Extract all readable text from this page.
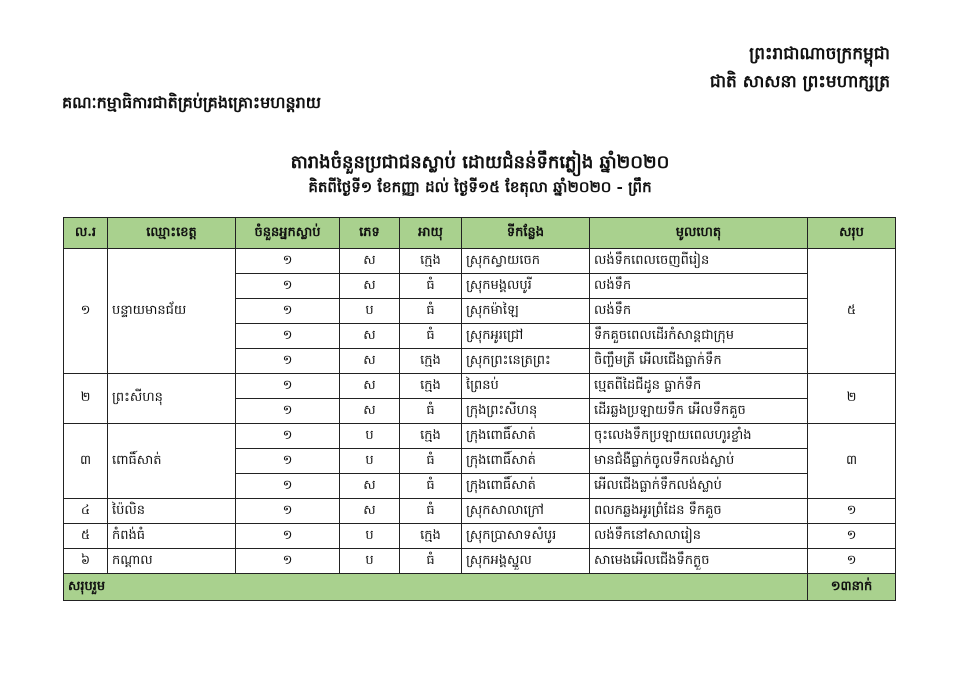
ព្រះរាជាណាចក្រកម្ពុជា
ជាតិ សាសនា ព្រះមហាក្សត្រ
គណៈកម្មាធិការជាតិគ្រប់គ្រងគ្រោះមហន្តរាយ
តារាងចំនួនប្រជាជនស្លាប់ ដោយជំនន់ទឹកភ្លៀង ឆ្នាំ២០២០
គិតពីថ្ងៃទី១ ខែកញ្ញា ដល់ ថ្ងៃទី១៥ ខែតុលា ឆ្នាំ២០២០ - ព្រឹក
ល.រ	ឈ្មោះខេត្ត	ចំនួនអ្នកស្លាប់	ភេទ	អាយុ	ទីកន្លែង	មូលហេតុ	សរុប
១	បន្ទាយមានជ័យ	១	ស	ក្មេង	ស្រុកស្វាយចេក	លង់ទឹកពេលចេញពីរៀន	៥
		១	ស	ធំ	ស្រុកមង្គលបូរី	លង់ទឹក	
		១	ប	ធំ	ស្រុកម៉ាឡៃ	លង់ទឹក	
		១	ស	ធំ	ស្រុកអូរជ្រៅ	ទឹកគួចពេលដើរកំសាន្តជាក្រុម	
		១	ស	ក្មេង	ស្រុកព្រះនេត្រព្រះ	ចិញ្ចឹមត្រី អើលជើងធ្លាក់ទឹក	
២	ព្រះសីហនុ	១	ស	ក្មេង	ព្រៃនប់	បេ្មតពីដៃជីដូន ធ្លាក់ទឹក	២
		១	ស	ធំ	ក្រុងព្រះសីហនុ	ដើរឆ្លងប្រឡាយទឹក អើលទឹកគួច	
៣	ពោធិ៍សាត់	១	ប	ក្មេង	ក្រុងពោធិ៍សាត់	ចុះលេងទឹកប្រឡាយពេលហូរខ្លាំង	៣
		១	ប	ធំ	ក្រុងពោធិ៍សាត់	មានជំងឺធ្លាក់ចូលទឹកលង់ស្លាប់	
		១	ស	ធំ	ក្រុងពោធិ៍សាត់	អើលជើងធ្លាក់ទឹកលង់ស្លាប់	
៤	ប៉ៃលិន	១	ស	ធំ	ស្រុកសាលាក្រៅ	ពលកឆ្លងអូរព្រំដែន ទឹកគួច	១
៥	កំពង់ធំ	១	ប	ក្មេង	ស្រុកប្រាសាទសំបូរ	លង់ទឹកនៅសាលារៀន	១
៦	កណ្តាល	១	ប	ធំ	ស្រុកអង្គស្នួល	សាមេងអើលជើងទឹកក្ងួច	១
សរុបរួម							១៣នាក់
